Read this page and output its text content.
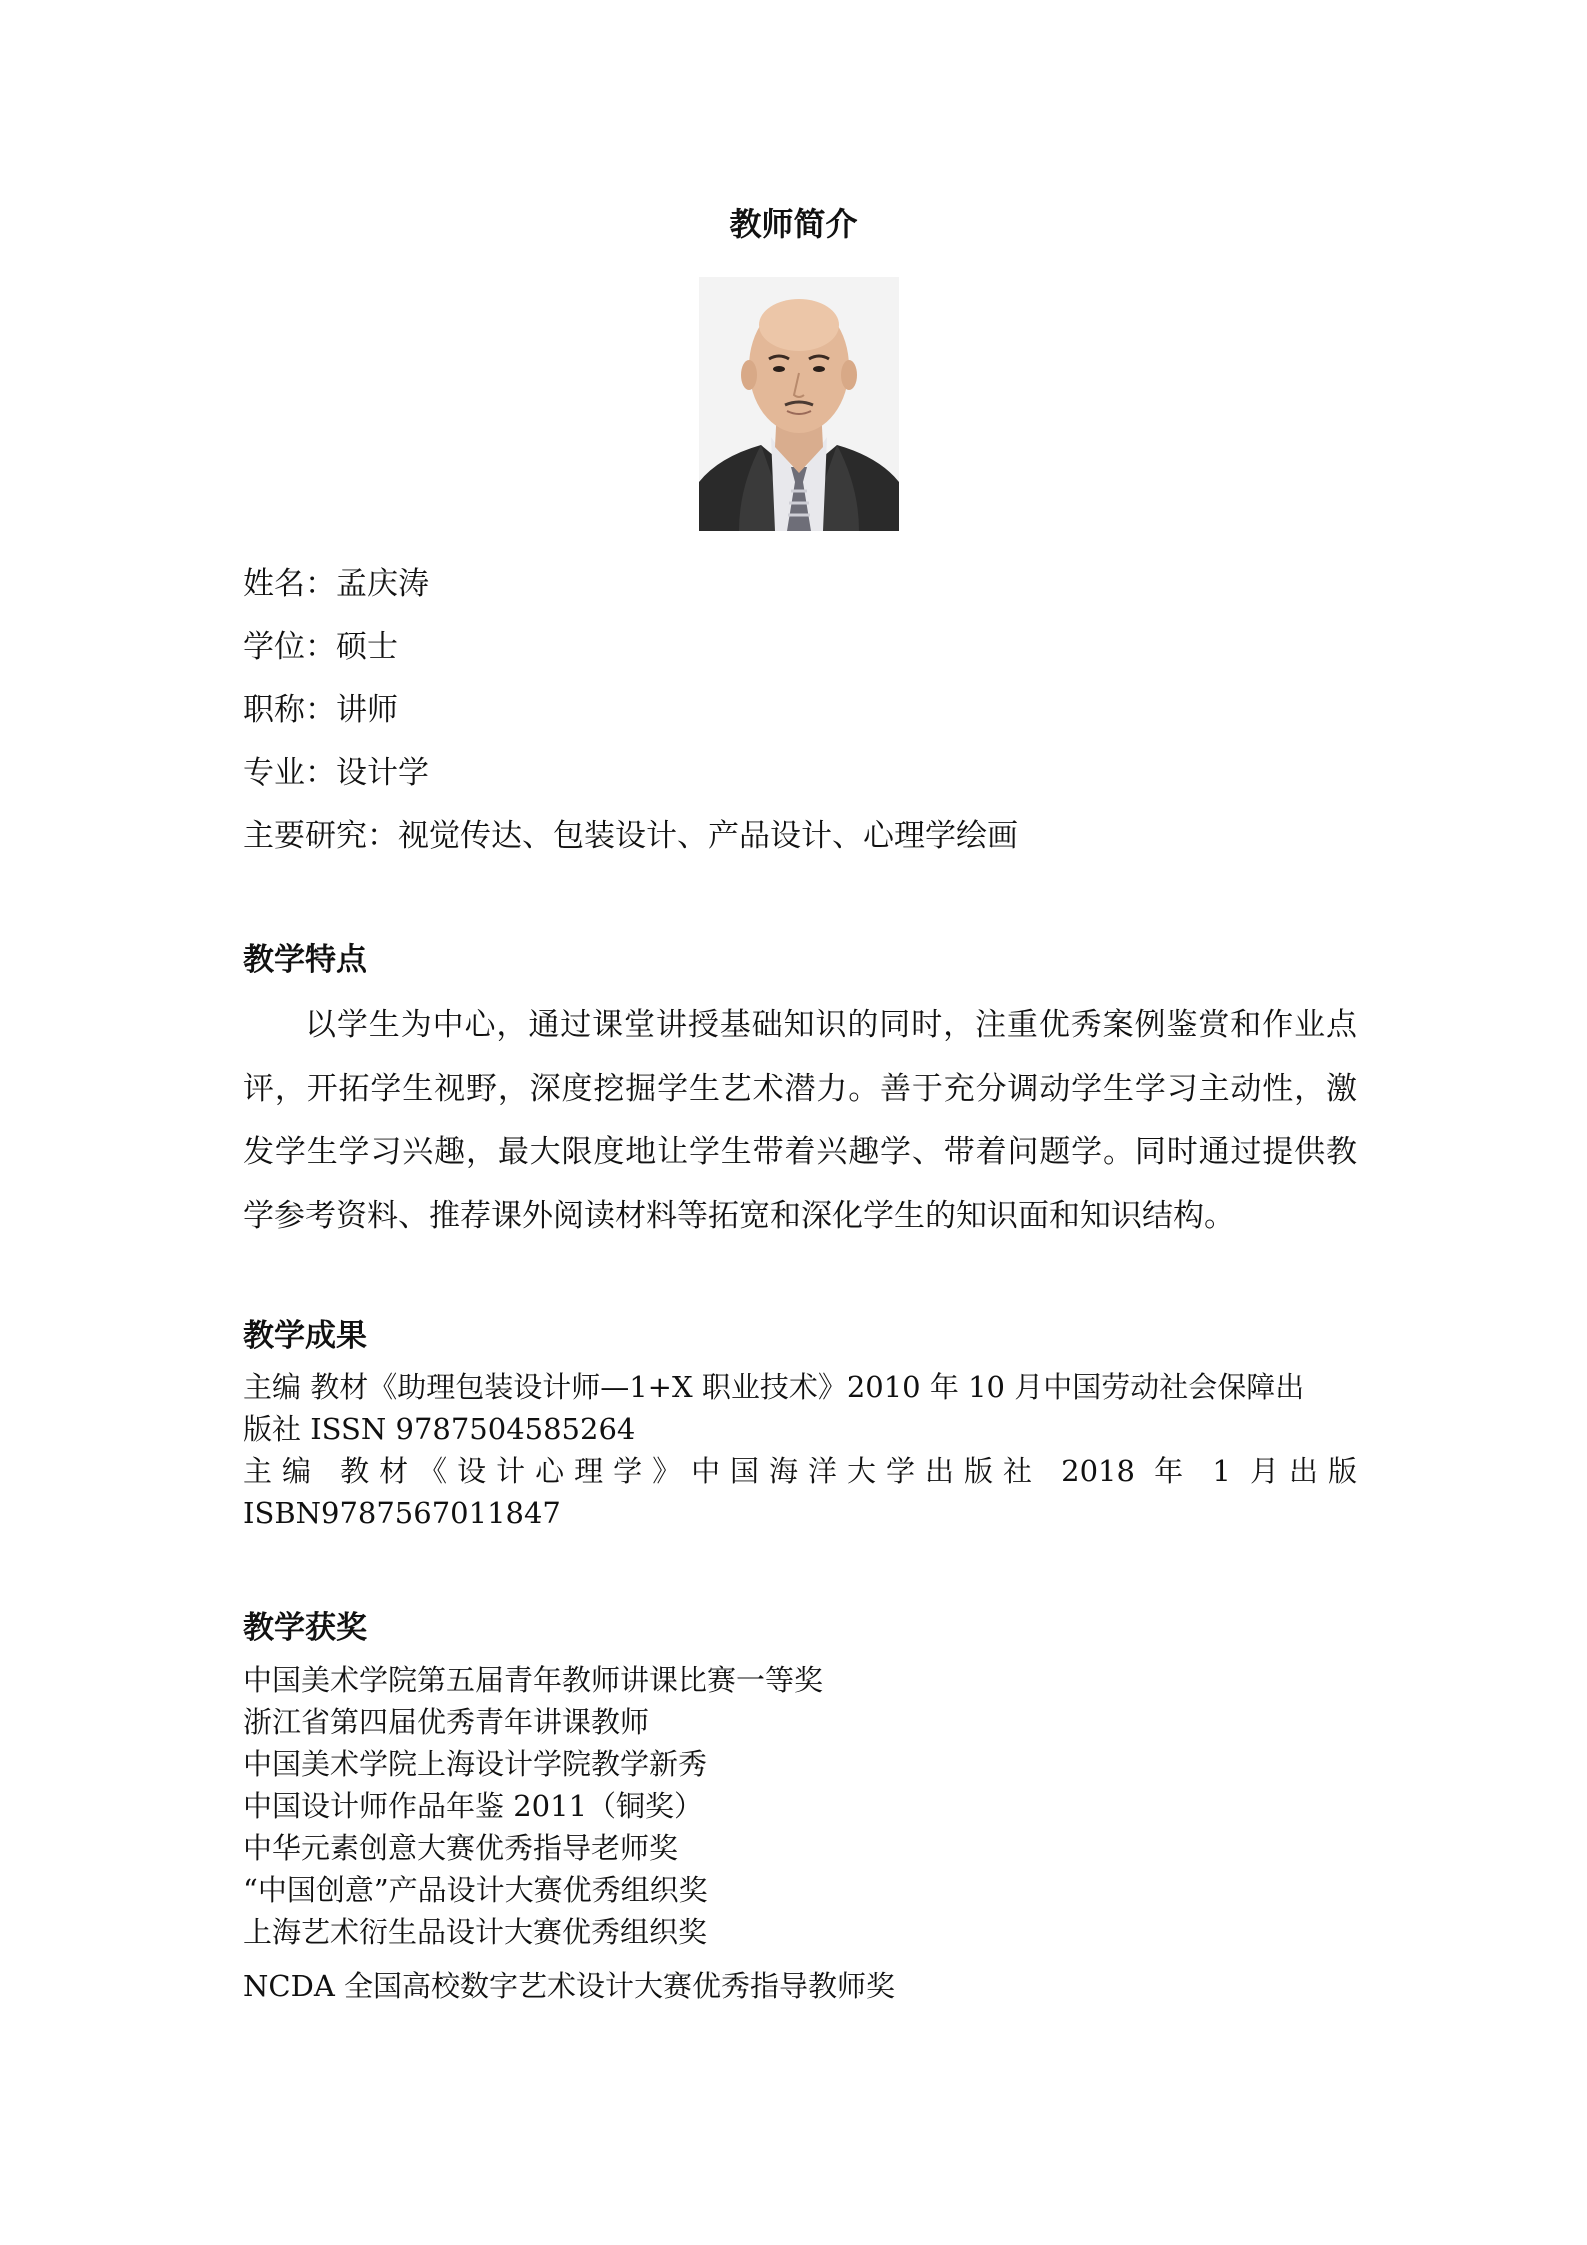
教师简介
姓名：孟庆涛
学位：硕士
职称：讲师
专业：设计学
主要研究：视觉传达、包装设计、产品设计、心理学绘画
教学特点
以学生为中心，通过课堂讲授基础知识的同时，注重优秀案例鉴赏和作业点评，开拓学生视野，深度挖掘学生艺术潜力。善于充分调动学生学习主动性，激发学生学习兴趣，最大限度地让学生带着兴趣学、带着问题学。同时通过提供教学参考资料、推荐课外阅读材料等拓宽和深化学生的知识面和知识结构。
教学成果
主编 教材《助理包装设计师—1+X 职业技术》2010 年 10 月中国劳动社会保障出
版社 ISSN 9787504585264
主编 教材《设计心理学》中国海洋大学出版社 2018 年 1 月出版
ISBN9787567011847
教学获奖
中国美术学院第五届青年教师讲课比赛一等奖
浙江省第四届优秀青年讲课教师
中国美术学院上海设计学院教学新秀
中国设计师作品年鉴 2011（铜奖）
中华元素创意大赛优秀指导老师奖
“中国创意”产品设计大赛优秀组织奖
上海艺术衍生品设计大赛优秀组织奖
NCDA 全国高校数字艺术设计大赛优秀指导教师奖
